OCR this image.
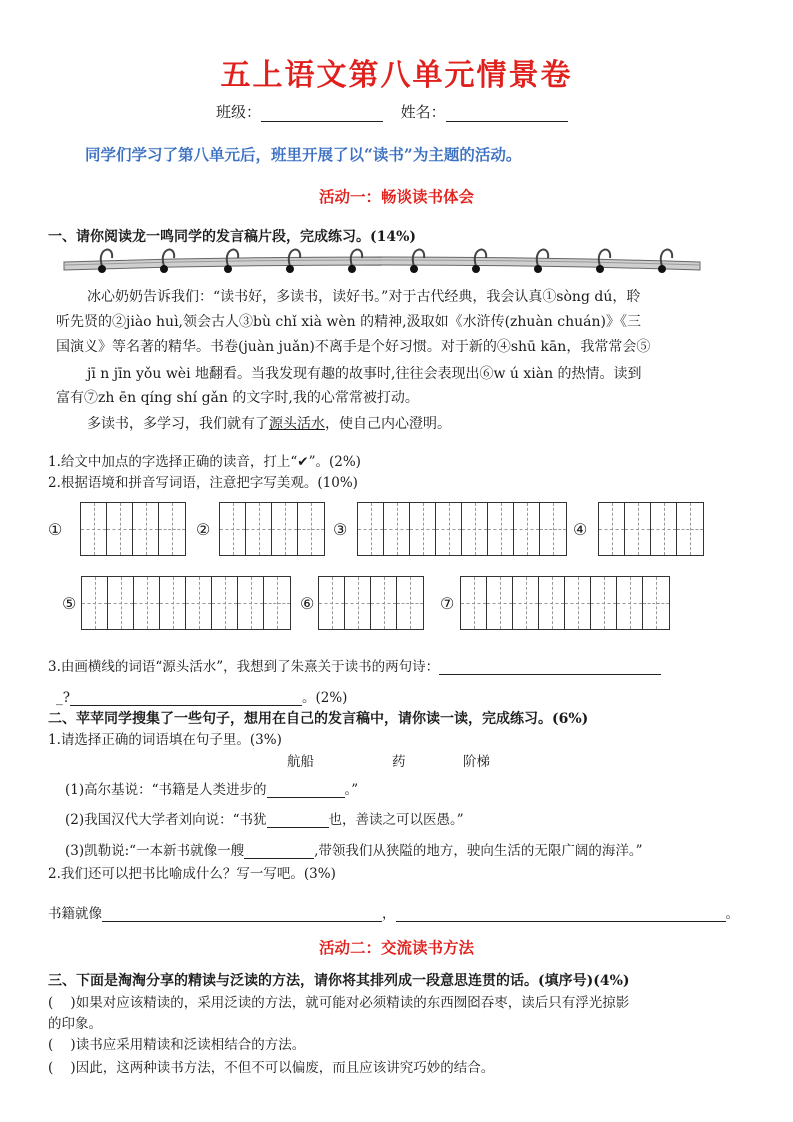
五上语文第八单元情景卷
班级：	姓名：
同学们学习了第八单元后，班里开展了以“读书”为主题的活动。
活动一：畅谈读书体会
一、请你阅读龙一鸣同学的发言稿片段，完成练习。(14%)
冰心奶奶告诉我们：“读书好，多读书，读好书。”对于古代经典，我会认真①sòng dú，聆
听先贤的②jiào huì,领会古人③bù chǐ xià wèn 的精神,汲取如《水浒传(zhuàn chuán)》《三
国演义》等名著的精华。书卷(juàn juǎn)不离手是个好习惯。对于新的④shū kān，我常常会⑤
jī n jīn yǒu wèi 地翻看。当我发现有趣的故事时,往往会表现出⑥w ú xiàn 的热情。读到
富有⑦zh ēn qíng shí gǎn 的文字时,我的心常常被打动。
多读书，多学习，我们就有了源头活水，使自己内心澄明。
1.给文中加点的字选择正确的读音，打上“✔”。(2%)
2.根据语境和拼音写词语，注意把字写美观。(10%)
①	②	③	④
⑤	⑥	⑦
3.由画横线的词语“源头活水”，我想到了朱熹关于读书的两句诗：
_?	。(2%)
二、苹苹同学搜集了一些句子，想用在自己的发言稿中，请你读一读，完成练习。(6%)
1.请选择正确的词语填在句子里。(3%)
航船	药	阶梯
(1)高尔基说：“书籍是人类进步的	。”
(2)我国汉代大学者刘向说：“书犹	也，善读之可以医愚。”
(3)凯勒说:“一本新书就像一艘	,带领我们从狭隘的地方，驶向生活的无限广阔的海洋。”
2.我们还可以把书比喻成什么？写一写吧。(3%)
书籍就像	，	。
活动二：交流读书方法
三、下面是淘淘分享的精读与泛读的方法，请你将其排列成一段意思连贯的话。(填序号)(4%)
(    )如果对应该精读的，采用泛读的方法，就可能对必须精读的东西囫囵吞枣，读后只有浮光掠影
的印象。
(    )读书应采用精读和泛读相结合的方法。
(    )因此，这两种读书方法，不但不可以偏废，而且应该讲究巧妙的结合。
